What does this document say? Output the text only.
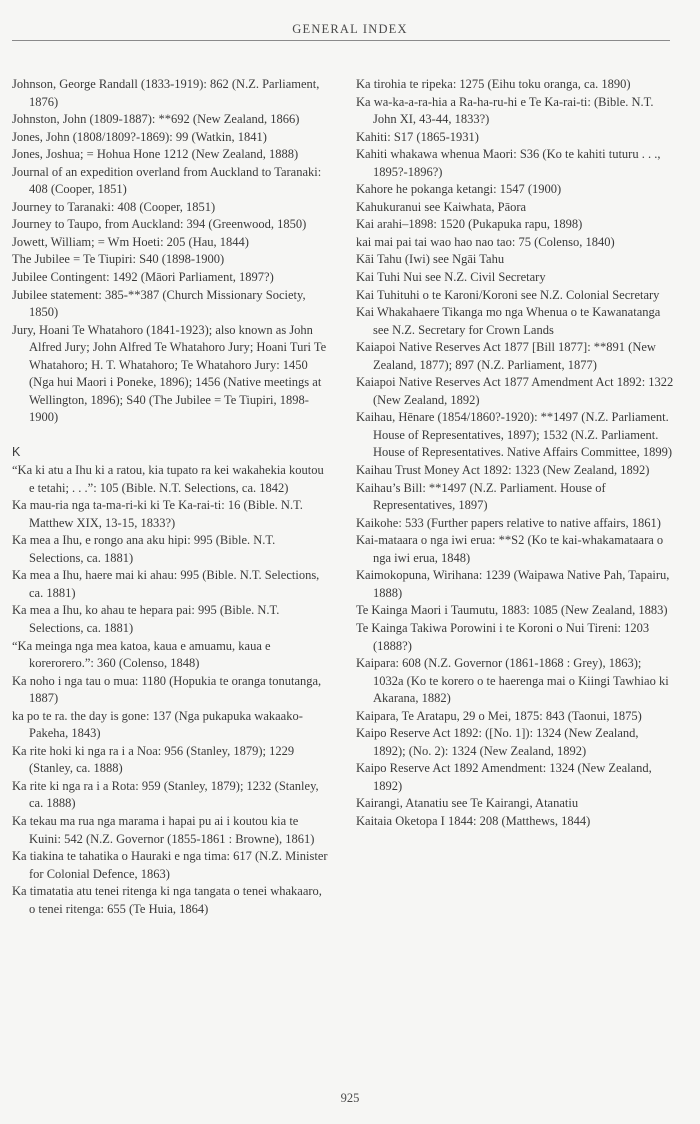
GENERAL INDEX

Johnson, George Randall (1833-1919): 862 (N.Z. Parliament, 1876)

Johnston, John (1809-1887): **692 (New Zealand, 1866)

Jones, John (1808/1809?-1869): 99 (Watkin, 1841)

Jones, Joshua; = Hohua Hone 1212 (New Zealand, 1888)

Journal of an expedition overland from Auckland to Taranaki: 408 (Cooper, 1851)

Journey to Taranaki: 408 (Cooper, 1851)

Journey to Taupo, from Auckland: 394 (Greenwood, 1850)

Jowett, William; = Wm Hoeti: 205 (Hau, 1844)

The Jubilee = Te Tiupiri: S40 (1898-1900)

Jubilee Contingent: 1492 (Māori Parliament, 1897?)

Jubilee statement: 385-**387 (Church Missionary Society, 1850)

Jury, Hoani Te Whatahoro (1841-1923); also known as John Alfred Jury; John Alfred Te Whatahoro Jury; Hoani Turi Te Whatahoro; H. T. Whatahoro; Te Whatahoro Jury: 1450 (Nga hui Maori i Poneke, 1896); 1456 (Native meetings at Wellington, 1896); S40 (The Jubilee = Te Tiupiri, 1898-1900)

K

“Ka ki atu a Ihu ki a ratou, kia tupato ra kei wakahekia koutou e tetahi; . . .”: 105 (Bible. N.T. Selections, ca. 1842)

Ka mau-ria nga ta-ma-ri-ki ki Te Ka-rai-ti: 16 (Bible. N.T. Matthew XIX, 13-15, 1833?)

Ka mea a Ihu, e rongo ana aku hipi: 995 (Bible. N.T. Selections, ca. 1881)

Ka mea a Ihu, haere mai ki ahau: 995 (Bible. N.T. Selections, ca. 1881)

Ka mea a Ihu, ko ahau te hepara pai: 995 (Bible. N.T. Selections, ca. 1881)

“Ka meinga nga mea katoa, kaua e amuamu, kaua e korerorero.”: 360 (Colenso, 1848)

Ka noho i nga tau o mua: 1180 (Hopukia te oranga tonutanga, 1887)

ka po te ra. the day is gone: 137 (Nga pukapuka wakaako-Pakeha, 1843)

Ka rite hoki ki nga ra i a Noa: 956 (Stanley, 1879); 1229 (Stanley, ca. 1888)

Ka rite ki nga ra i a Rota: 959 (Stanley, 1879); 1232 (Stanley, ca. 1888)

Ka tekau ma rua nga marama i hapai pu ai i koutou kia te Kuini: 542 (N.Z. Governor (1855-1861 : Browne), 1861)

Ka tiakina te tahatika o Hauraki e nga tima: 617 (N.Z. Minister for Colonial Defence, 1863)

Ka timatatia atu tenei ritenga ki nga tangata o tenei whakaaro, o tenei ritenga: 655 (Te Huia, 1864)

Ka tirohia te ripeka: 1275 (Eihu toku oranga, ca. 1890)

Ka wa-ka-a-ra-hia a Ra-ha-ru-hi e Te Ka-rai-ti: (Bible. N.T. John XI, 43-44, 1833?)

Kahiti: S17 (1865-1931)

Kahiti whakawa whenua Maori: S36 (Ko te kahiti tuturu . . ., 1895?-1896?)

Kahore he pokanga ketangi: 1547 (1900)

Kahukuranui see Kaiwhata, Pāora

Kai arahi–1898: 1520 (Pukapuka rapu, 1898)

kai mai pai tai wao hao nao tao: 75 (Colenso, 1840)

Kāi Tahu (Iwi) see Ngāi Tahu

Kai Tuhi Nui see N.Z. Civil Secretary

Kai Tuhituhi o te Karoni/Koroni see N.Z. Colonial Secretary

Kai Whakahaere Tikanga mo nga Whenua o te Kawanatanga see N.Z. Secretary for Crown Lands

Kaiapoi Native Reserves Act 1877 [Bill 1877]: **891 (New Zealand, 1877); 897 (N.Z. Parliament, 1877)

Kaiapoi Native Reserves Act 1877 Amendment Act 1892: 1322 (New Zealand, 1892)

Kaihau, Hēnare (1854/1860?-1920): **1497 (N.Z. Parliament. House of Representatives, 1897); 1532 (N.Z. Parliament. House of Representatives. Native Affairs Committee, 1899)

Kaihau Trust Money Act 1892: 1323 (New Zealand, 1892)

Kaihau’s Bill: **1497 (N.Z. Parliament. House of Representatives, 1897)

Kaikohe: 533 (Further papers relative to native affairs, 1861)

Kai-mataara o nga iwi erua: **S2 (Ko te kai-whakamataara o nga iwi erua, 1848)

Kaimokopuna, Wirihana: 1239 (Waipawa Native Pah, Tapairu, 1888)

Te Kainga Maori i Taumutu, 1883: 1085 (New Zealand, 1883)

Te Kainga Takiwa Porowini i te Koroni o Nui Tireni: 1203 (1888?)

Kaipara: 608 (N.Z. Governor (1861-1868 : Grey), 1863); 1032a (Ko te korero o te haerenga mai o Kiingi Tawhiao ki Akarana, 1882)

Kaipara, Te Aratapu, 29 o Mei, 1875: 843 (Taonui, 1875)

Kaipo Reserve Act 1892: ([No. 1]): 1324 (New Zealand, 1892); (No. 2): 1324 (New Zealand, 1892)

Kaipo Reserve Act 1892 Amendment: 1324 (New Zealand, 1892)

Kairangi, Atanatiu see Te Kairangi, Atanatiu

Kaitaia Oketopa I 1844: 208 (Matthews, 1844)

925
